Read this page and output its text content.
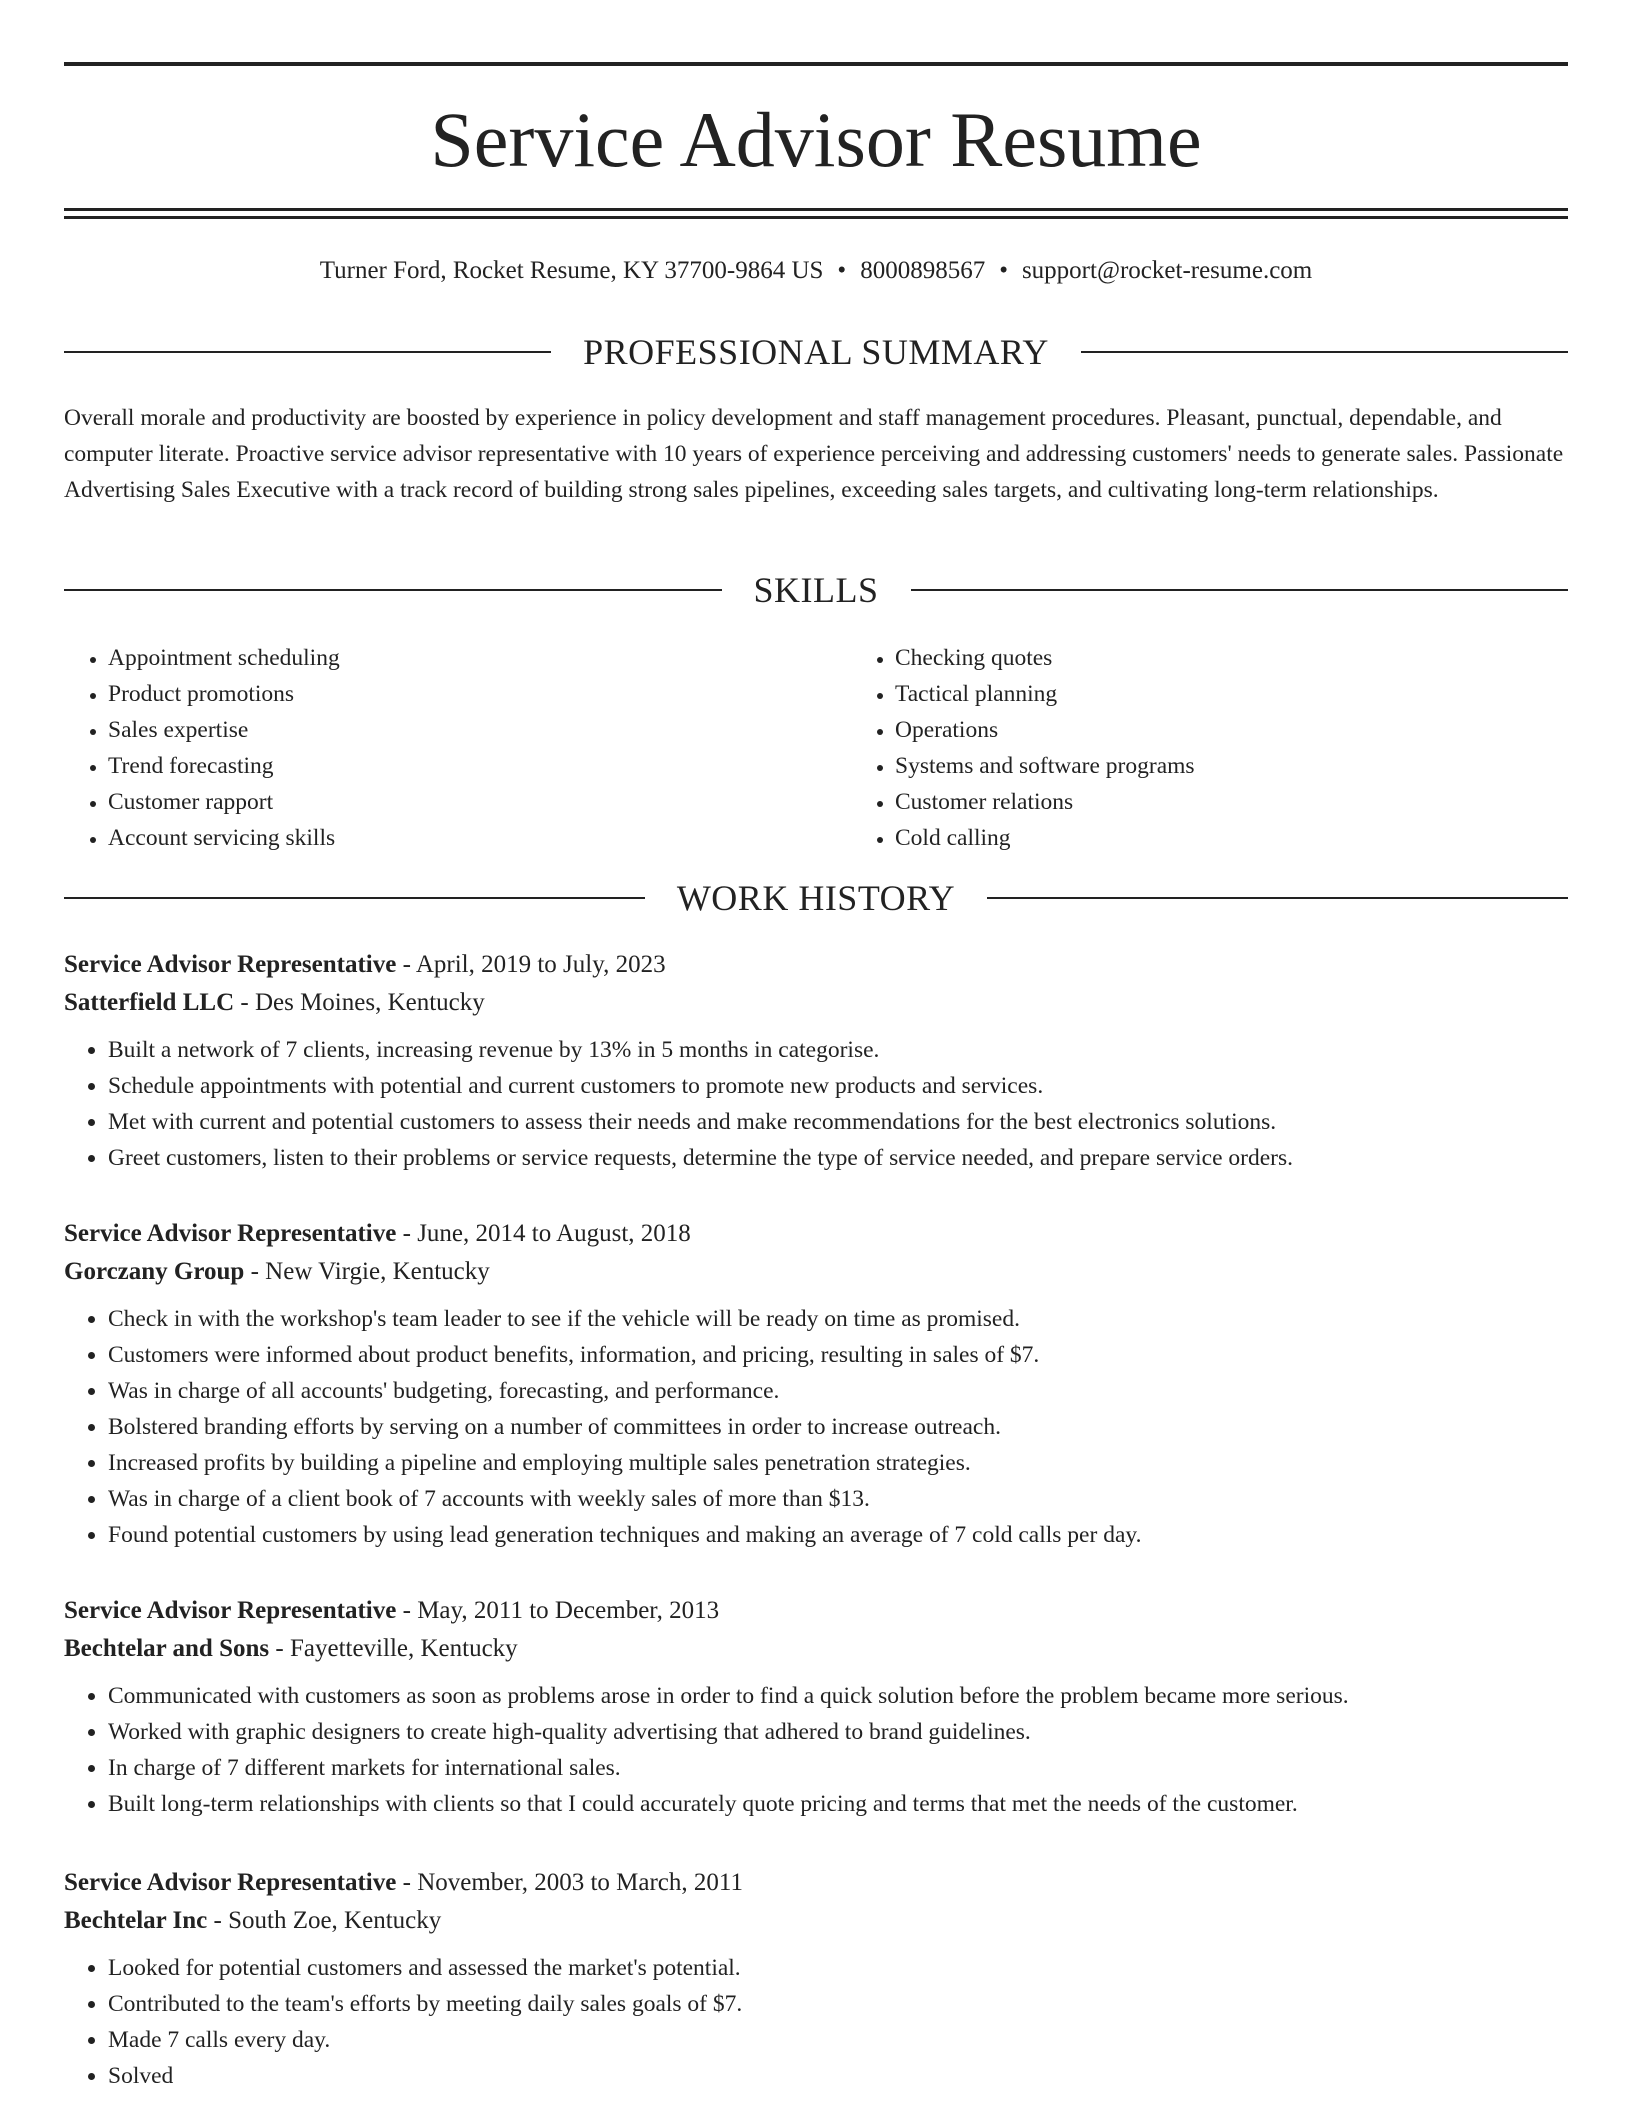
Service Advisor Resume
Turner Ford, Rocket Resume, KY 37700-9864 US • 8000898567 • support@rocket-resume.com
PROFESSIONAL SUMMARY

Overall morale and productivity are boosted by experience in policy development and staff management procedures. Pleasant, punctual, dependable, and computer literate. Proactive service advisor representative with 10 years of experience perceiving and addressing customers' needs to generate sales. Passionate Advertising Sales Executive with a track record of building strong sales pipelines, exceeding sales targets, and cultivating long-term relationships.

SKILLS
• Appointment scheduling
• Product promotions
• Sales expertise
• Trend forecasting
• Customer rapport
• Account servicing skills
• Checking quotes
• Tactical planning
• Operations
• Systems and software programs
• Customer relations
• Cold calling
WORK HISTORY
Service Advisor Representative - April, 2019 to July, 2023
Satterfield LLC - Des Moines, Kentucky
• Built a network of 7 clients, increasing revenue by 13% in 5 months in categorise.
• Schedule appointments with potential and current customers to promote new products and services.
• Met with current and potential customers to assess their needs and make recommendations for the best electronics solutions.
• Greet customers, listen to their problems or service requests, determine the type of service needed, and prepare service orders.
Service Advisor Representative - June, 2014 to August, 2018
Gorczany Group - New Virgie, Kentucky
• Check in with the workshop's team leader to see if the vehicle will be ready on time as promised.
• Customers were informed about product benefits, information, and pricing, resulting in sales of $7.
• Was in charge of all accounts' budgeting, forecasting, and performance.
• Bolstered branding efforts by serving on a number of committees in order to increase outreach.
• Increased profits by building a pipeline and employing multiple sales penetration strategies.
• Was in charge of a client book of 7 accounts with weekly sales of more than $13.
• Found potential customers by using lead generation techniques and making an average of 7 cold calls per day.
Service Advisor Representative - May, 2011 to December, 2013
Bechtelar and Sons - Fayetteville, Kentucky
• Communicated with customers as soon as problems arose in order to find a quick solution before the problem became more serious.
• Worked with graphic designers to create high-quality advertising that adhered to brand guidelines.
• In charge of 7 different markets for international sales.
• Built long-term relationships with clients so that I could accurately quote pricing and terms that met the needs of the customer.
Service Advisor Representative - November, 2003 to March, 2011
Bechtelar Inc - South Zoe, Kentucky
• Looked for potential customers and assessed the market's potential.
• Contributed to the team's efforts by meeting daily sales goals of $7.
• Made 7 calls every day.
• Solved
